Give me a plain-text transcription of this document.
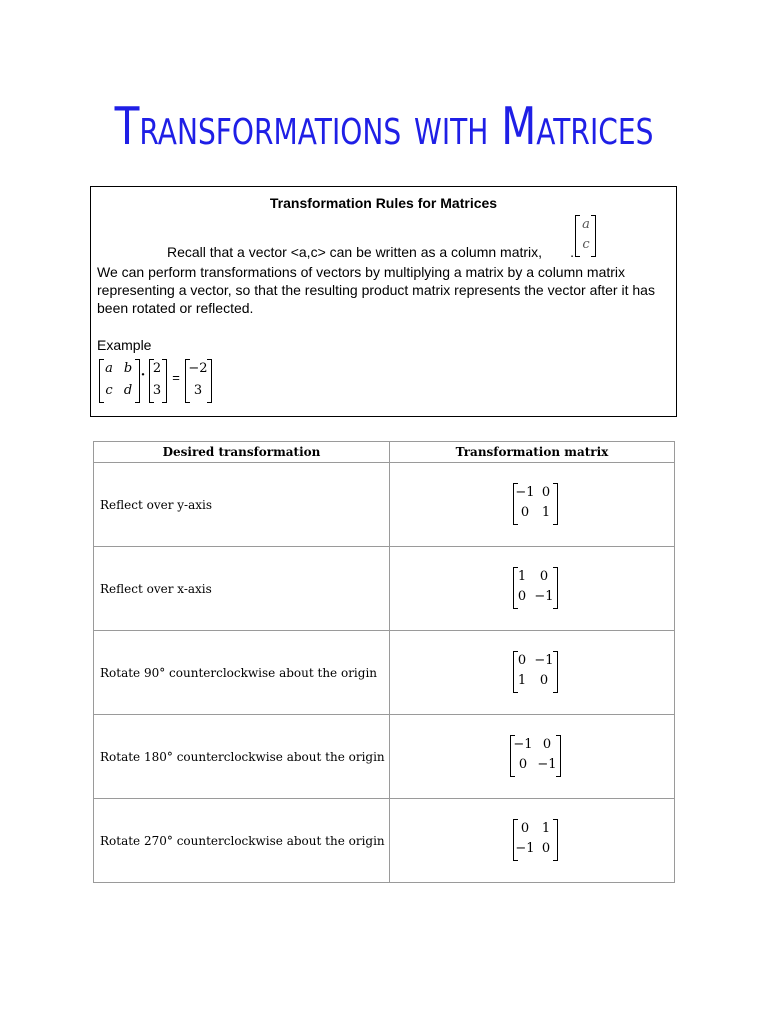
Transformations with Matrices
Transformation Rules for Matrices
a
c
Recall that a vector <a,c> can be written as a column matrix, .
We can perform transformations of vectors by multiplying a matrix by a column matrix representing a vector, so that the resulting product matrix represents the vector after it has been rotated or reflected.
Example
a b
c d
· 2
3
=
−2
3
Desired transformation	Transformation matrix
Reflect over y-axis	−1 0
0 1

Reflect over x-axis	1 0
0 −1

Rotate 90° counterclockwise about the origin	0 −1
1 0

Rotate 180° counterclockwise about the origin	−1 0
0 −1

Rotate 270° counterclockwise about the origin	0 1
−1 0
